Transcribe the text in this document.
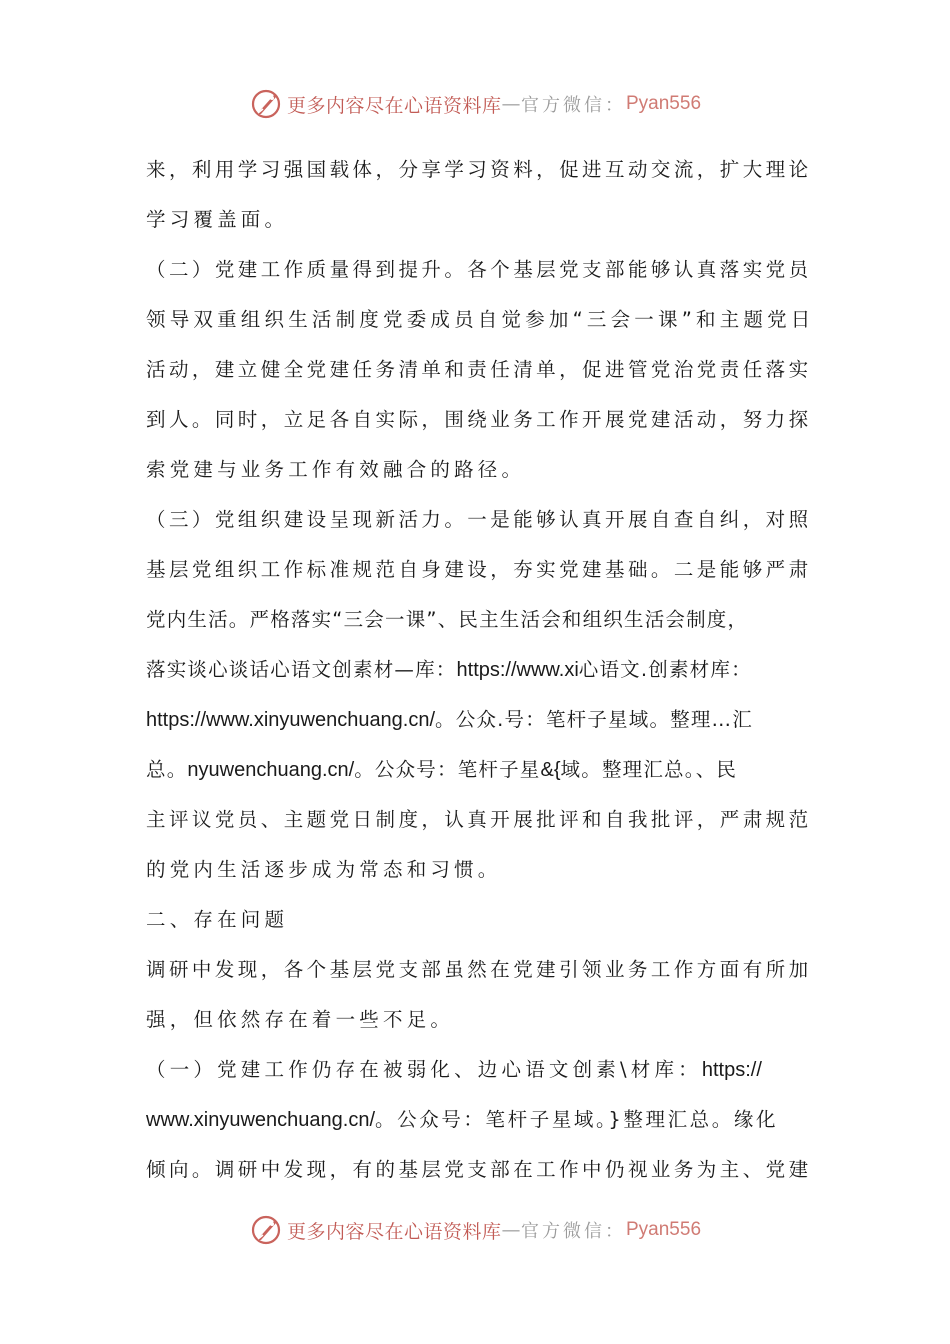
更多内容尽在心语资料库 — 官方微信： Pyan556
来，利用学习强国载体，分享学习资料，促进互动交流，扩大理论
学习覆盖面。
（二）党建工作质量得到提升。各个基层党支部能够认真落实党员
领导双重组织生活制度党委成员自觉参加“三会一课”和主题党日
活动，建立健全党建任务清单和责任清单，促进管党治党责任落实
到人。同时，立足各自实际，围绕业务工作开展党建活动，努力探
索党建与业务工作有效融合的路径。
（三）党组织建设呈现新活力。一是能够认真开展自查自纠，对照
基层党组织工作标准规范自身建设，夯实党建基础。二是能够严肃
党内生活。严格落实“三会一课”、民主生活会和组织生活会制度，
落实谈心谈话心语文创素材—库：https://www.xi心语文.创素材库：
https://www.xinyuwenchuang.cn/。公众.号：笔杆子星域。整理…汇
总。nyuwenchuang.cn/。公众号：笔杆子星&{域。整理汇总。、民
主评议党员、主题党日制度，认真开展批评和自我批评，严肃规范
的党内生活逐步成为常态和习惯。
二、存在问题
调研中发现，各个基层党支部虽然在党建引领业务工作方面有所加
强，但依然存在着一些不足。
（一）党建工作仍存在被弱化、边心语文创素\材库：https://
www.xinyuwenchuang.cn/。公众号：笔杆子星域。}整理汇总。缘化
倾向。调研中发现，有的基层党支部在工作中仍视业务为主、党建
更多内容尽在心语资料库 — 官方微信： Pyan556
